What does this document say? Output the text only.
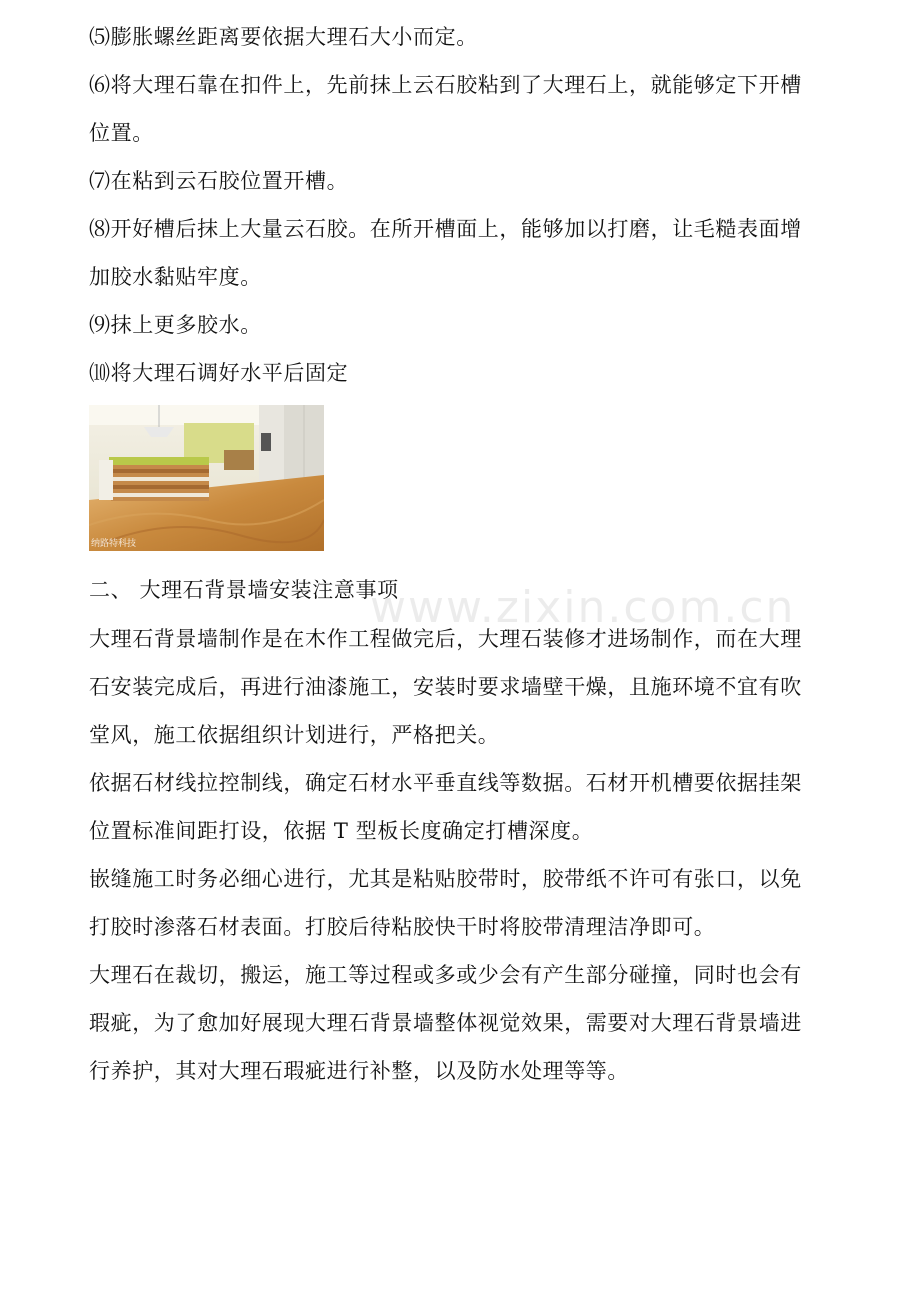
⑸膨胀螺丝距离要依据大理石大小而定。
⑹将大理石靠在扣件上，先前抹上云石胶粘到了大理石上，就能够定下开槽
位置。
⑺在粘到云石胶位置开槽。
⑻开好槽后抹上大量云石胶。在所开槽面上，能够加以打磨，让毛糙表面增
加胶水黏贴牢度。
⑼抹上更多胶水。
⑽将大理石调好水平后固定
纳路特科技
二、 大理石背景墙安装注意事项
www.zixin.com.cn
大理石背景墙制作是在木作工程做完后，大理石装修才进场制作，而在大理
石安装完成后，再进行油漆施工，安装时要求墙壁干燥，且施环境不宜有吹
堂风，施工依据组织计划进行，严格把关。
依据石材线拉控制线，确定石材水平垂直线等数据。石材开机槽要依据挂架
位置标准间距打设，依据 T 型板长度确定打槽深度。
嵌缝施工时务必细心进行，尤其是粘贴胶带时，胶带纸不许可有张口，以免
打胶时渗落石材表面。打胶后待粘胶快干时将胶带清理洁净即可。
大理石在裁切，搬运，施工等过程或多或少会有产生部分碰撞，同时也会有
瑕疵，为了愈加好展现大理石背景墙整体视觉效果，需要对大理石背景墙进
行养护，其对大理石瑕疵进行补整，以及防水处理等等。
